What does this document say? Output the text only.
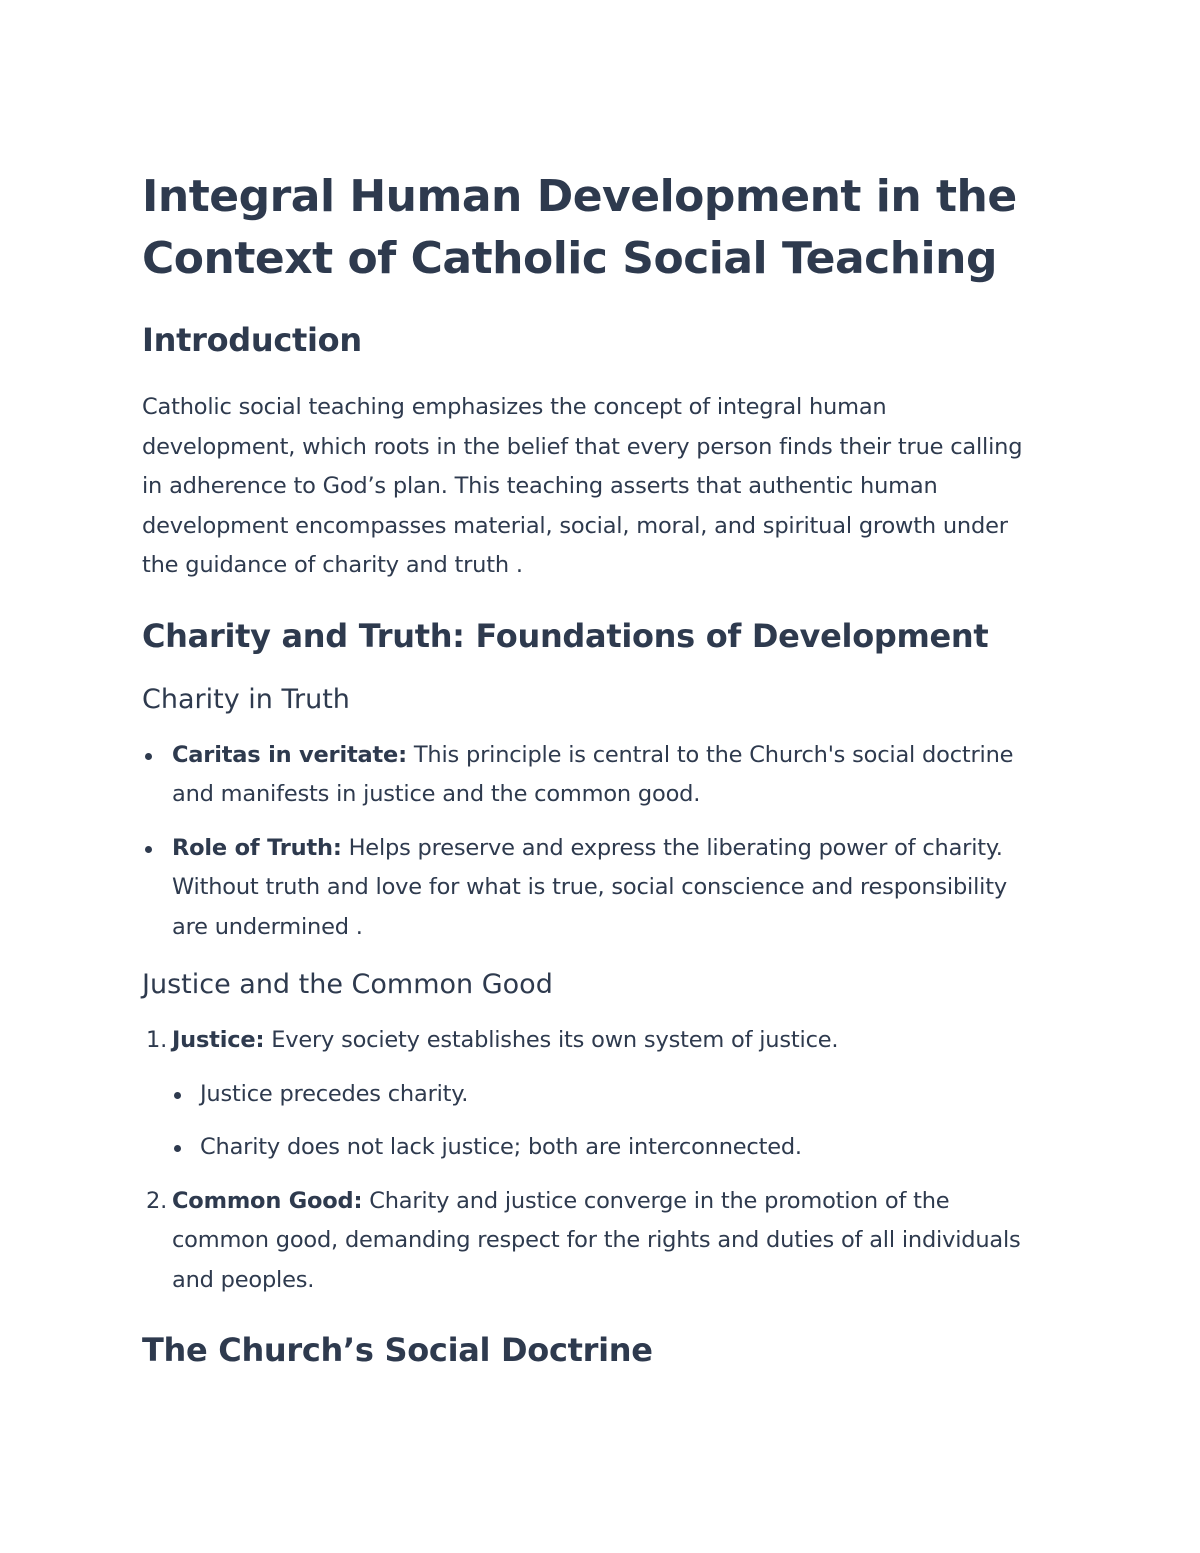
Integral Human Development in the Context of Catholic Social Teaching
Introduction

Catholic social teaching emphasizes the concept of integral human development, which roots in the belief that every person finds their true calling in adherence to God’s plan. This teaching asserts that authentic human development encompasses material, social, moral, and spiritual growth under the guidance of charity and truth .

Charity and Truth: Foundations of Development
Charity in Truth
Caritas in veritate: This principle is central to the Church's social doctrine and manifests in justice and the common good.
Role of Truth: Helps preserve and express the liberating power of charity. Without truth and love for what is true, social conscience and responsibility are undermined .
Justice and the Common Good
1. Justice: Every society establishes its own system of justice.
Justice precedes charity.
Charity does not lack justice; both are interconnected.
2. Common Good: Charity and justice converge in the promotion of the common good, demanding respect for the rights and duties of all individuals and peoples.
The Church’s Social Doctrine
